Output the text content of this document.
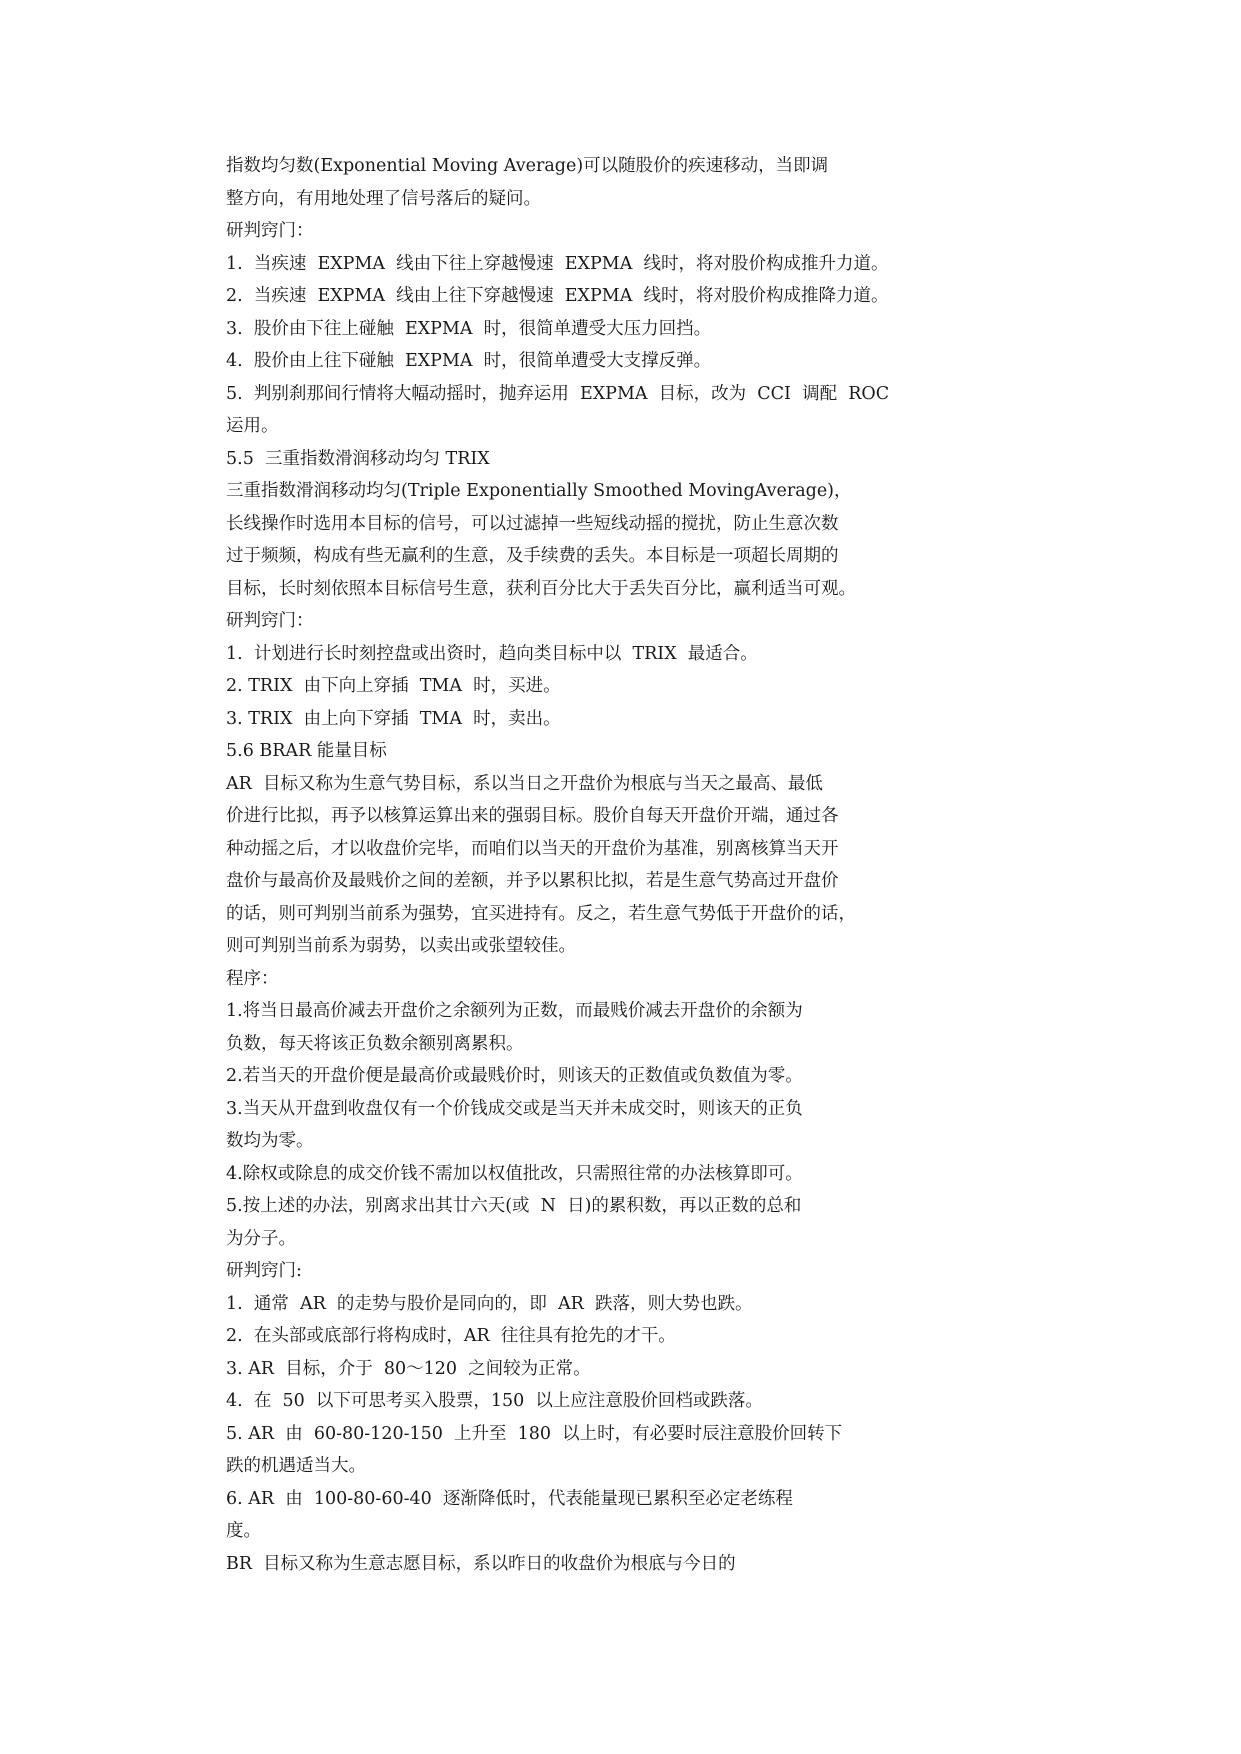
指数均匀数(Exponential Moving Average)可以随股价的疾速移动，当即调
整方向，有用地处理了信号落后的疑问。
研判窍门：
1.  当疾速  EXPMA  线由下往上穿越慢速  EXPMA  线时，将对股价构成推升力道。
2.  当疾速  EXPMA  线由上往下穿越慢速  EXPMA  线时，将对股价构成推降力道。
3.  股价由下往上碰触  EXPMA  时，很简单遭受大压力回挡。
4.  股价由上往下碰触  EXPMA  时，很简单遭受大支撑反弹。
5.  判别刹那间行情将大幅动摇时，抛弃运用  EXPMA  目标，改为  CCI  调配  ROC
运用。
5.5  三重指数滑润移动均匀 TRIX
三重指数滑润移动均匀(Triple Exponentially Smoothed MovingAverage)，
长线操作时选用本目标的信号，可以过滤掉一些短线动摇的搅扰，防止生意次数
过于频频，构成有些无赢利的生意，及手续费的丢失。本目标是一项超长周期的
目标，长时刻依照本目标信号生意，获利百分比大于丢失百分比，赢利适当可观。
研判窍门：
1.  计划进行长时刻控盘或出资时，趋向类目标中以  TRIX  最适合。
2. TRIX  由下向上穿插  TMA  时，买进。
3. TRIX  由上向下穿插  TMA  时，卖出。
5.6 BRAR 能量目标
AR  目标又称为生意气势目标，系以当日之开盘价为根底与当天之最高、最低
价进行比拟，再予以核算运算出来的强弱目标。股价自每天开盘价开端，通过各
种动摇之后，才以收盘价完毕，而咱们以当天的开盘价为基准，别离核算当天开
盘价与最高价及最贱价之间的差额，并予以累积比拟，若是生意气势高过开盘价
的话，则可判别当前系为强势，宜买进持有。反之，若生意气势低于开盘价的话，
则可判别当前系为弱势，以卖出或张望较佳。
程序：
1.将当日最高价减去开盘价之余额列为正数，而最贱价减去开盘价的余额为
负数，每天将该正负数余额别离累积。
2.若当天的开盘价便是最高价或最贱价时，则该天的正数值或负数值为零。
3.当天从开盘到收盘仅有一个价钱成交或是当天并未成交时，则该天的正负
数均为零。
4.除权或除息的成交价钱不需加以权值批改，只需照往常的办法核算即可。
5.按上述的办法，别离求出其廿六天(或  N  日)的累积数，再以正数的总和
为分子。
研判窍门:
1.  通常  AR  的走势与股价是同向的，即  AR  跌落，则大势也跌。
2.  在头部或底部行将构成时，AR  往往具有抢先的才干。
3. AR  目标，介于  80～120  之间较为正常。
4.  在  50  以下可思考买入股票，150  以上应注意股价回档或跌落。
5. AR  由  60-80-120-150  上升至  180  以上时，有必要时辰注意股价回转下
跌的机遇适当大。
6. AR  由  100-80-60-40  逐渐降低时，代表能量现已累积至必定老练程
度。
BR  目标又称为生意志愿目标，系以昨日的收盘价为根底与今日的
